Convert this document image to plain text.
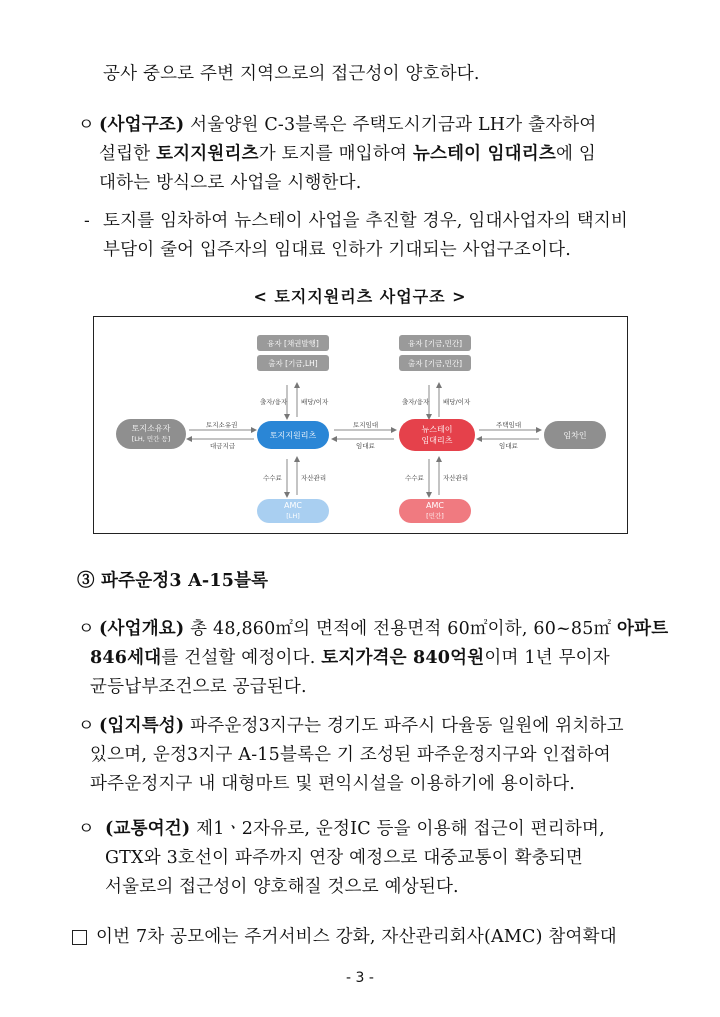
공사 중으로 주변 지역으로의 접근성이 양호하다.
ㅇ (사업구조) 서울양원 C-3블록은 주택도시기금과 LH가 출자하여
설립한 토지지원리츠가 토지를 매입하여 뉴스테이 임대리츠에 임
대하는 방식으로 사업을 시행한다.
- 토지를 임차하여 뉴스테이 사업을 추진할 경우, 임대사업자의 택지비
부담이 줄어 입주자의 임대료 인하가 기대되는 사업구조이다.
< 토지지원리츠 사업구조 >
융자 [채권발행]
출자 [기금,LH]
융자 [기금,민간]
출자 [기금,민간]
토지소유자
[LH, 민간 등]	토지지원리츠
뉴스테이
임대리츠
임차인
AMC
[LH]
AMC
[민간]
출자/융자 배당/이자	출자/융자 배당/이자
토지소유권
대금지급
토지임대
임대료
주택임대
임대료
수수료	자산관리	수수료	자산관리
③ 파주운정3 A-15블록
ㅇ (사업개요) 총 48,860㎡의 면적에 전용면적 60㎡이하, 60~85㎡ 아파트
846세대를 건설할 예정이다. 토지가격은 840억원이며 1년 무이자
균등납부조건으로 공급된다.
ㅇ (입지특성) 파주운정3지구는 경기도 파주시 다율동 일원에 위치하고
있으며, 운정3지구 A-15블록은 기 조성된 파주운정지구와 인접하여
파주운정지구 내 대형마트 및 편익시설을 이용하기에 용이하다.
ㅇ (교통여건) 제1ㆍ2자유로, 운정IC 등을 이용해 접근이 편리하며,
GTX와 3호선이 파주까지 연장 예정으로 대중교통이 확충되면
서울로의 접근성이 양호해질 것으로 예상된다.
이번 7차 공모에는 주거서비스 강화, 자산관리회사(AMC) 참여확대
- 3 -
